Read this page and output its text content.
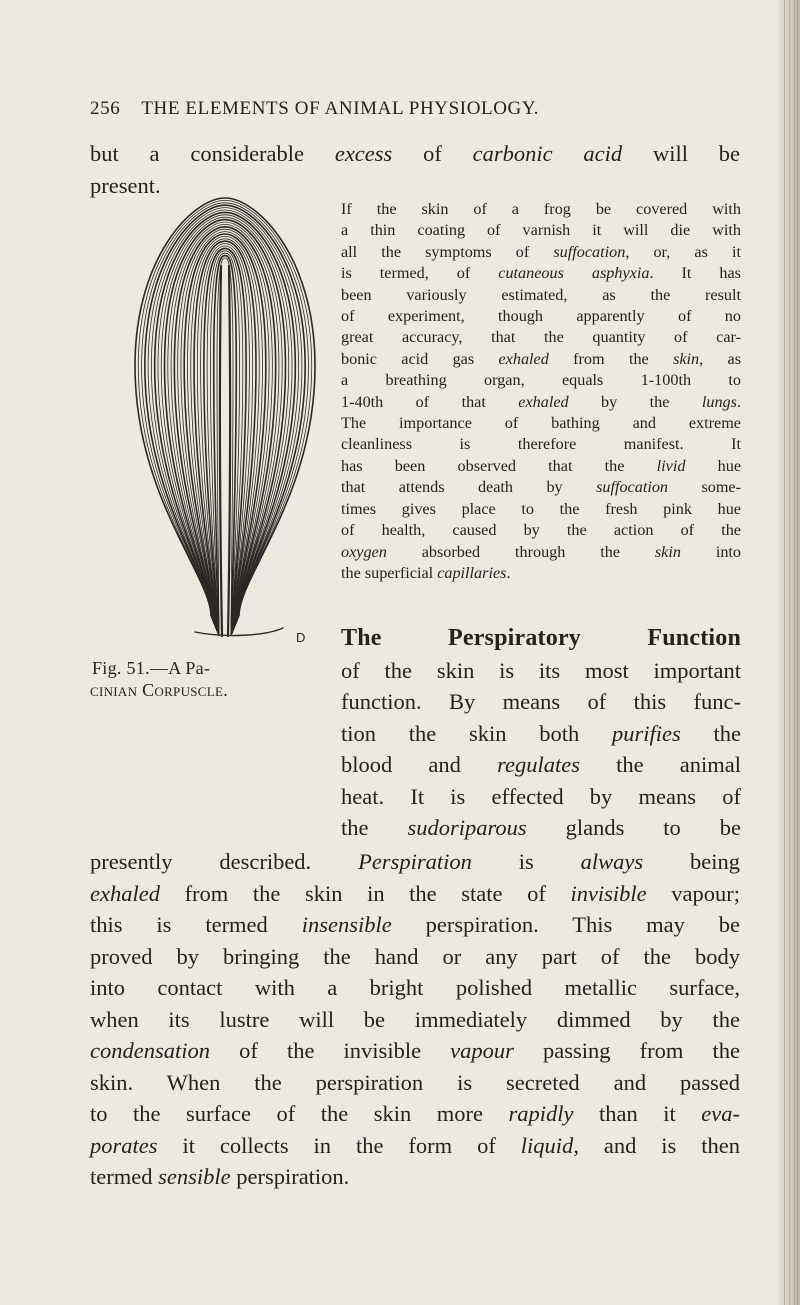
256 THE ELEMENTS OF ANIMAL PHYSIOLOGY.
but a considerable excess of carbonic acid will be
present.
D
Fig. 51.—A Pa-
cinian Corpuscle.
If the skin of a frog be covered with
a thin coating of varnish it will die with
all the symptoms of suffocation, or, as it
is termed, of cutaneous asphyxia. It has
been variously estimated, as the result
of experiment, though apparently of no
great accuracy, that the quantity of car-
bonic acid gas exhaled from the skin, as
a breathing organ, equals 1-100th to
1-40th of that exhaled by the lungs.
The importance of bathing and extreme
cleanliness is therefore manifest. It
has been observed that the livid hue
that attends death by suffocation some-
times gives place to the fresh pink hue
of health, caused by the action of the
oxygen absorbed through the skin into
the superficial capillaries.
The Perspiratory Function
of the skin is its most important
function. By means of this func-
tion the skin both purifies the
blood and regulates the animal
heat. It is effected by means of
the sudoriparous glands to be
presently described. Perspiration is always being
exhaled from the skin in the state of invisible vapour;
this is termed insensible perspiration. This may be
proved by bringing the hand or any part of the body
into contact with a bright polished metallic surface,
when its lustre will be immediately dimmed by the
condensation of the invisible vapour passing from the
skin. When the perspiration is secreted and passed
to the surface of the skin more rapidly than it eva-
porates it collects in the form of liquid, and is then
termed sensible perspiration.
